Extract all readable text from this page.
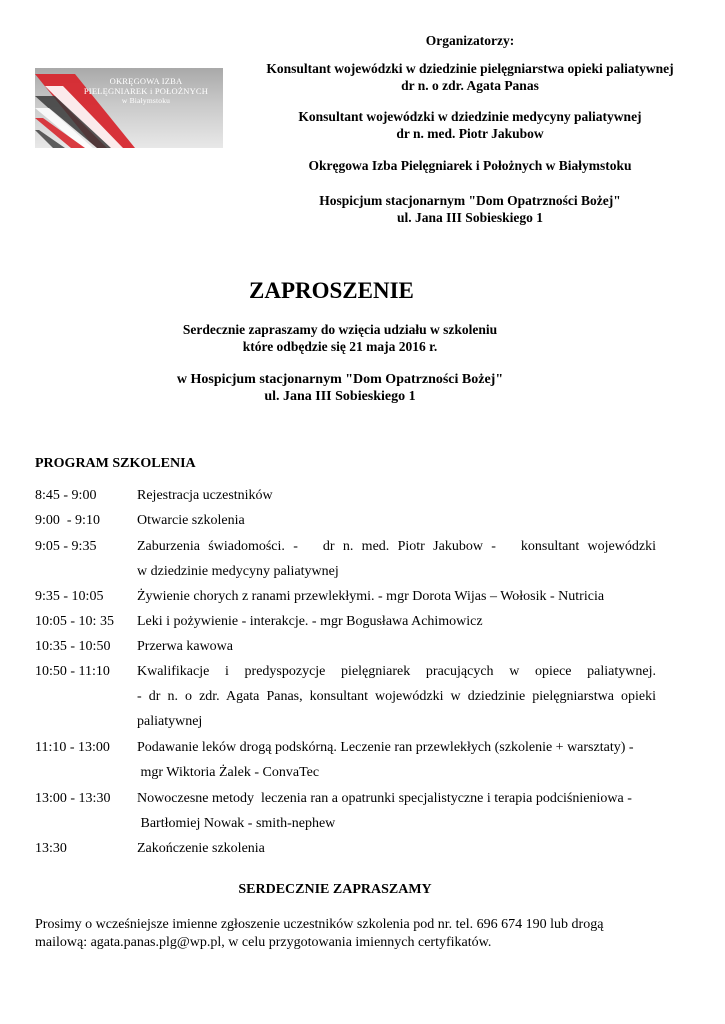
Organizatorzy:
Konsultant wojewódzki w dziedzinie pielęgniarstwa opieki paliatywnej
dr n. o zdr. Agata Panas
Konsultant wojewódzki w dziedzinie medycyny paliatywnej
dr n. med. Piotr Jakubow
Okręgowa Izba Pielęgniarek i Położnych w Białymstoku
Hospicjum stacjonarnym "Dom Opatrzności Bożej"
ul. Jana III Sobieskiego 1
OKRĘGOWA IZBA
PIELĘGNIAREK i POŁOŻNYCH
w Białymstoku
ZAPROSZENIE
Serdecznie zapraszamy do wzięcia udziału w szkoleniu
które odbędzie się 21 maja 2016 r.
w Hospicjum stacjonarnym "Dom Opatrzności Bożej"
ul. Jana III Sobieskiego 1
PROGRAM SZKOLENIA
8:45 - 9:00	Rejestracja uczestników
9:00  - 9:10	Otwarcie szkolenia
9:05 - 9:35	Zaburzenia świadomości. -   dr n. med. Piotr Jakubow -   konsultant wojewódzki
w dziedzinie medycyny paliatywnej
9:35 - 10:05 Żywienie chorych z ranami przewlekłymi. - mgr Dorota Wijas – Wołosik - Nutricia
10:05 - 10: 35 Leki i pożywienie - interakcje. - mgr Bogusława Achimowicz
10:35 - 10:50 Przerwa kawowa
10:50 - 11:10 Kwalifikacje i predyspozycje pielęgniarek pracujących w opiece paliatywnej.
- dr n. o zdr. Agata Panas, konsultant wojewódzki w dziedzinie pielęgniarstwa opieki
paliatywnej
11:10 - 13:00 Podawanie leków drogą podskórną. Leczenie ran przewlekłych (szkolenie + warsztaty) -
mgr Wiktoria Żalek - ConvaTec
13:00 - 13:30 Nowoczesne metody  leczenia ran a opatrunki specjalistyczne i terapia podciśnieniowa -
Bartłomiej Nowak - smith-nephew
13:30	Zakończenie szkolenia
SERDECZNIE ZAPRASZAMY
Prosimy o wcześniejsze imienne zgłoszenie uczestników szkolenia pod nr. tel. 696 674 190 lub drogą
mailową: agata.panas.plg@wp.pl, w celu przygotowania imiennych certyfikatów.
